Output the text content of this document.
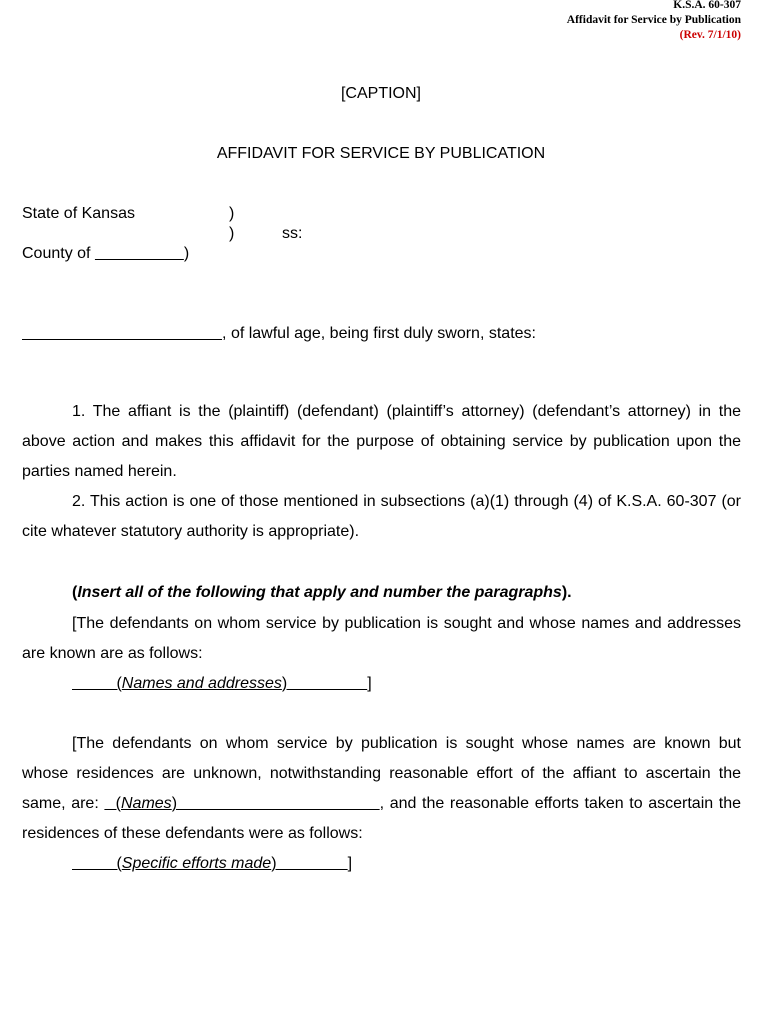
K.S.A. 60-307
Affidavit for Service by Publication
(Rev. 7/1/10)
[CAPTION]
AFFIDAVIT FOR SERVICE BY PUBLICATION
State of Kansas	)
)	ss:
County of	)
, of lawful age, being first duly sworn, states:

1. The affiant is the (plaintiff) (defendant) (plaintiff’s attorney) (defendant’s attorney) in the above action and makes this affidavit for the purpose of obtaining service by publication upon the parties named herein.

2. This action is one of those mentioned in subsections (a)(1) through (4) of K.S.A. 60-307 (or cite whatever statutory authority is appropriate).

(Insert all of the following that apply and number the paragraphs).

[The defendants on whom service by publication is sought and whose names and addresses are known are as follows:

(Names and addresses)                  ]

[The defendants on whom service by publication is sought whose names are known but whose residences are unknown, notwithstanding reasonable effort of the affiant to ascertain the same, are:   (Names)                                    , and the reasonable efforts taken to ascertain the residences of these defendants were as follows:

(Specific efforts made)                ]
